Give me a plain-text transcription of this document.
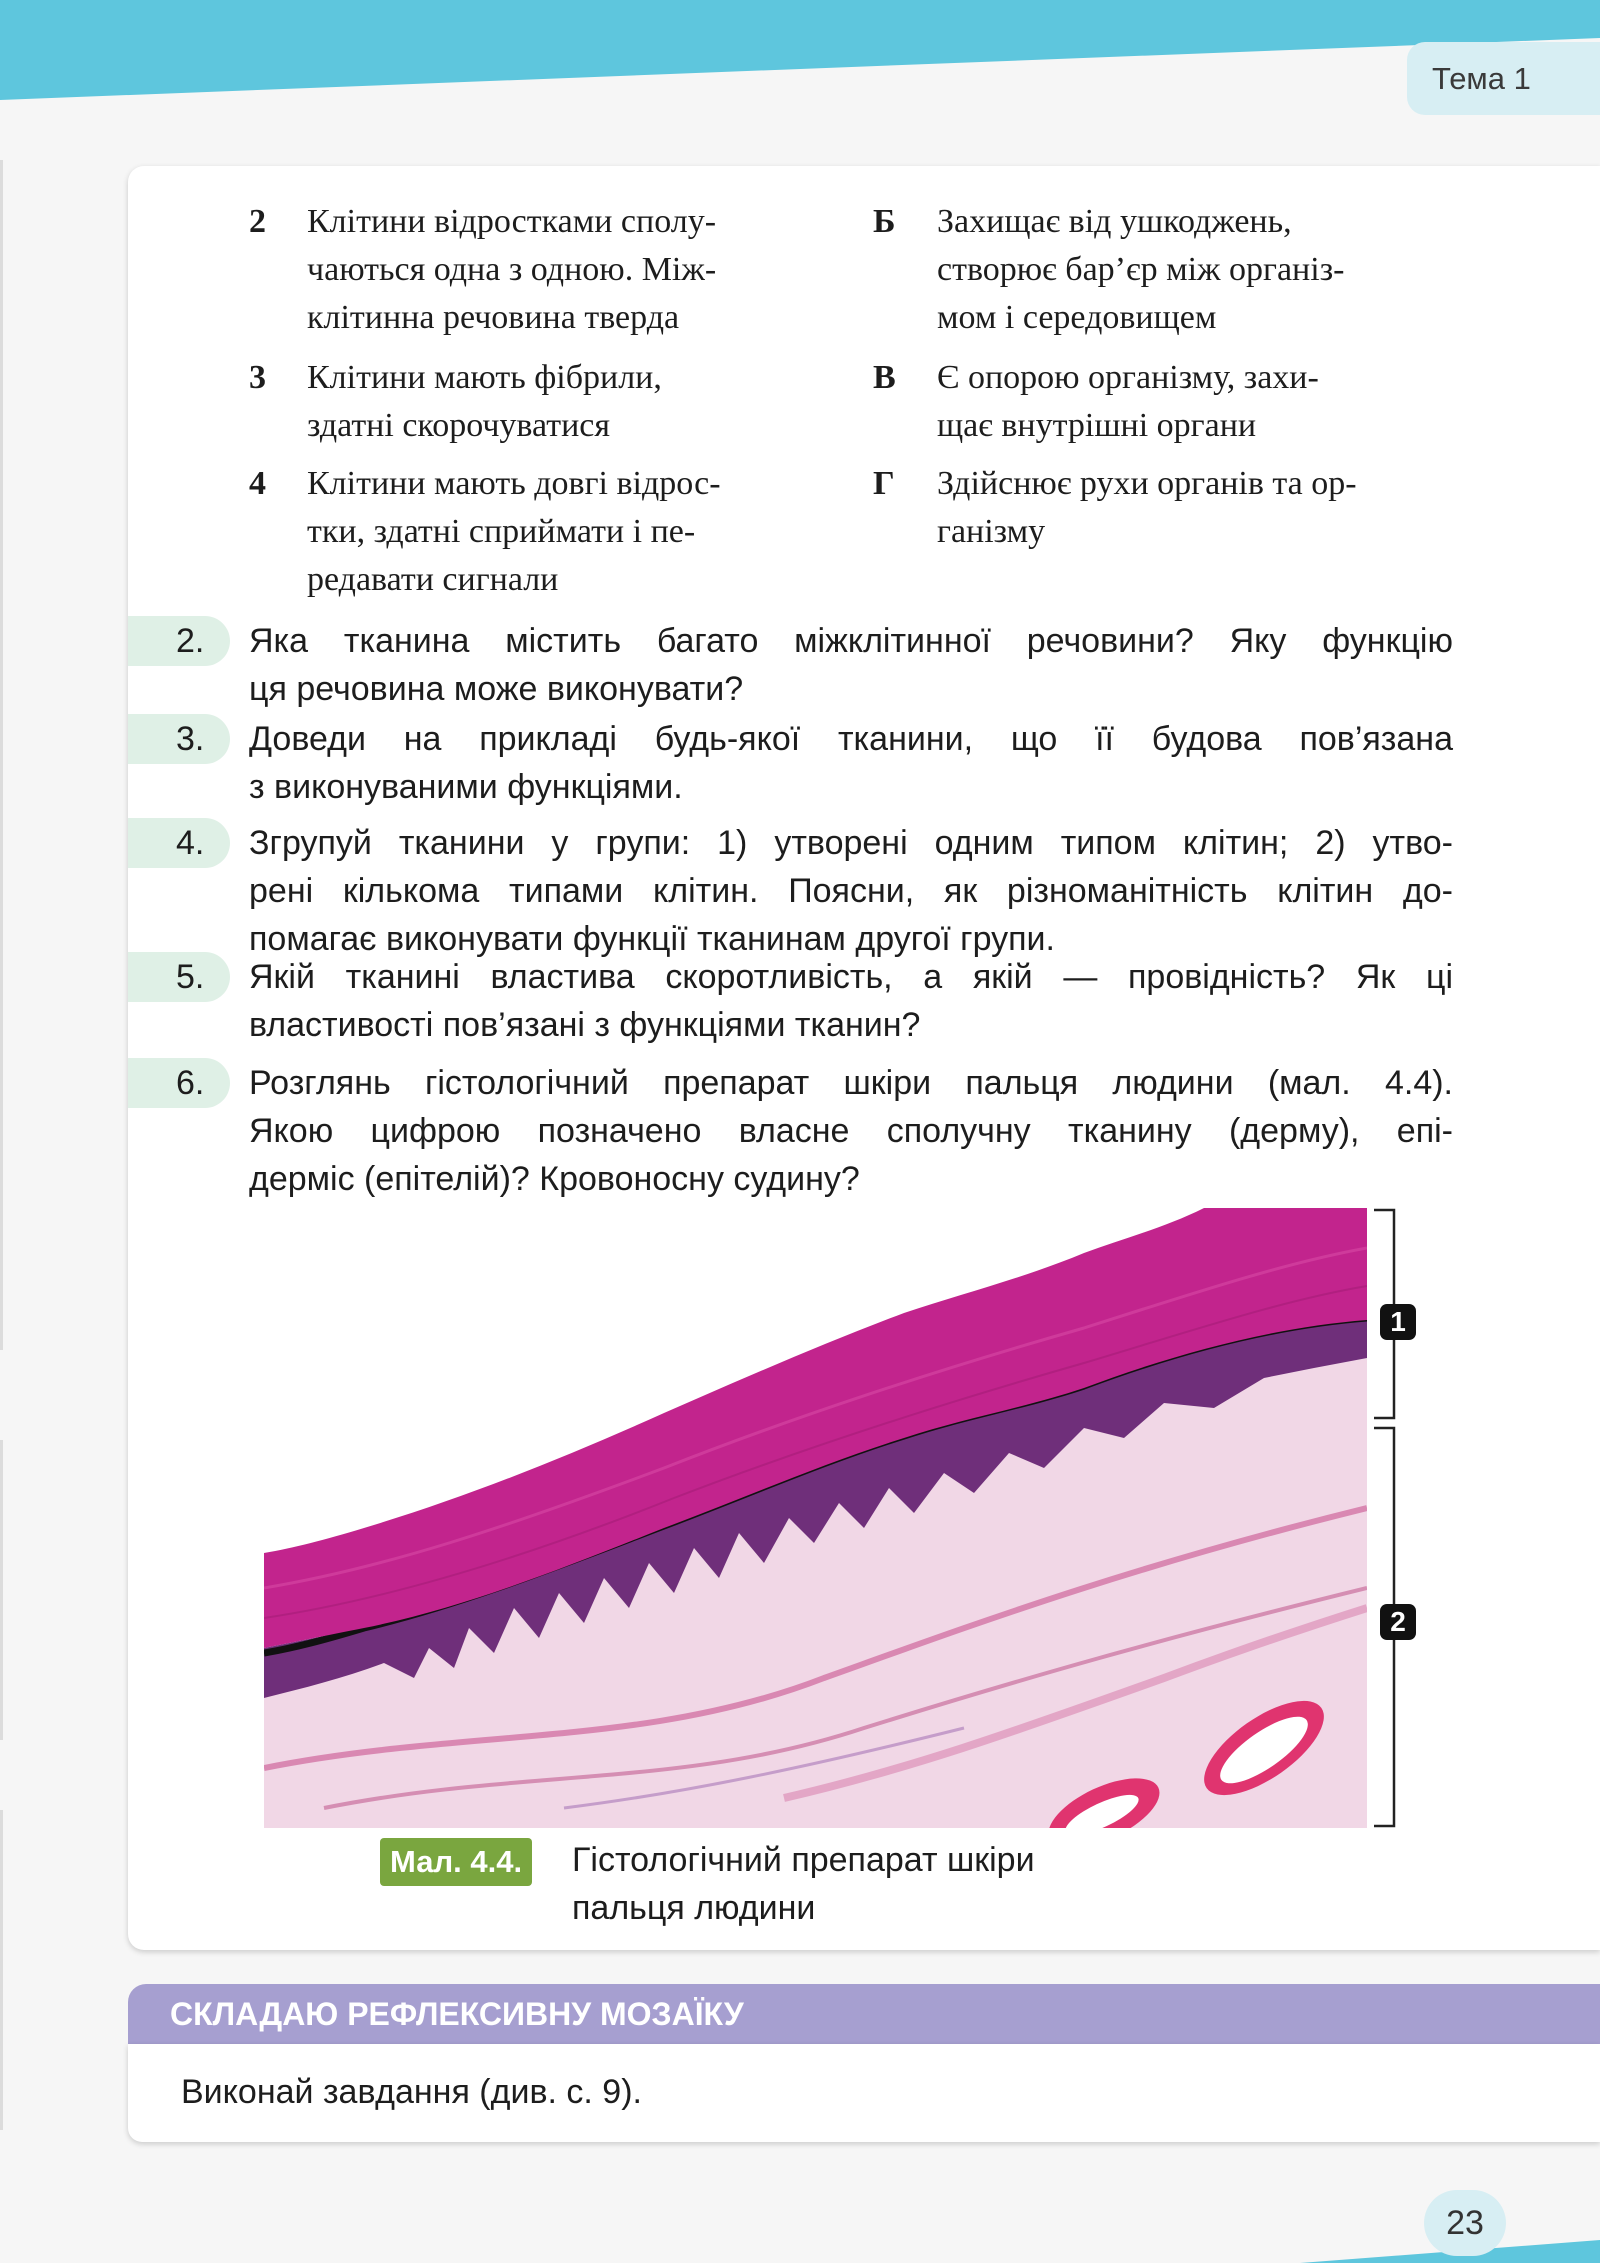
Тема 1
2 Клітини відростками сполу-
чаються одна з одною. Між-
клітинна речовина тверда
3 Клітини мають фібрили,
здатні скорочуватися
4 Клітини мають довгі відрос-
тки, здатні сприймати і пе-
редавати сигнали
Б Захищає від ушкоджень,
створює бар’єр між організ-
мом і середовищем
В Є опорою організму, захи-
щає внутрішні органи
Г Здійснює рухи органів та ор-
ганізму
2. Яка тканина містить багато міжклітинної речовини? Яку функцію
ця речовина може виконувати?
3. Доведи на прикладі будь-якої тканини, що її будова пов’язана
з виконуваними функціями.
4. Згрупуй тканини у групи: 1) утворені одним типом клітин; 2) утво-
рені кількома типами клітин. Поясни, як різноманітність клітин до-
помагає виконувати функції тканинам другої групи.
5. Якій тканині властива скоротливість, а якій — провідність? Як ці
властивості пов’язані з функціями тканин?
6. Розглянь гістологічний препарат шкіри пальця людини (мал. 4.4).
Якою цифрою позначено власне сполучну тканину (дерму), епі-
дерміс (епітелій)? Кровоносну судину?
1
2
3
Мал. 4.4. Гістологічний препарат шкіри
пальця людини
СКЛАДАЮ РЕФЛЕКСИВНУ МОЗАЇКУ
Виконай завдання (див. с. 9).
23
